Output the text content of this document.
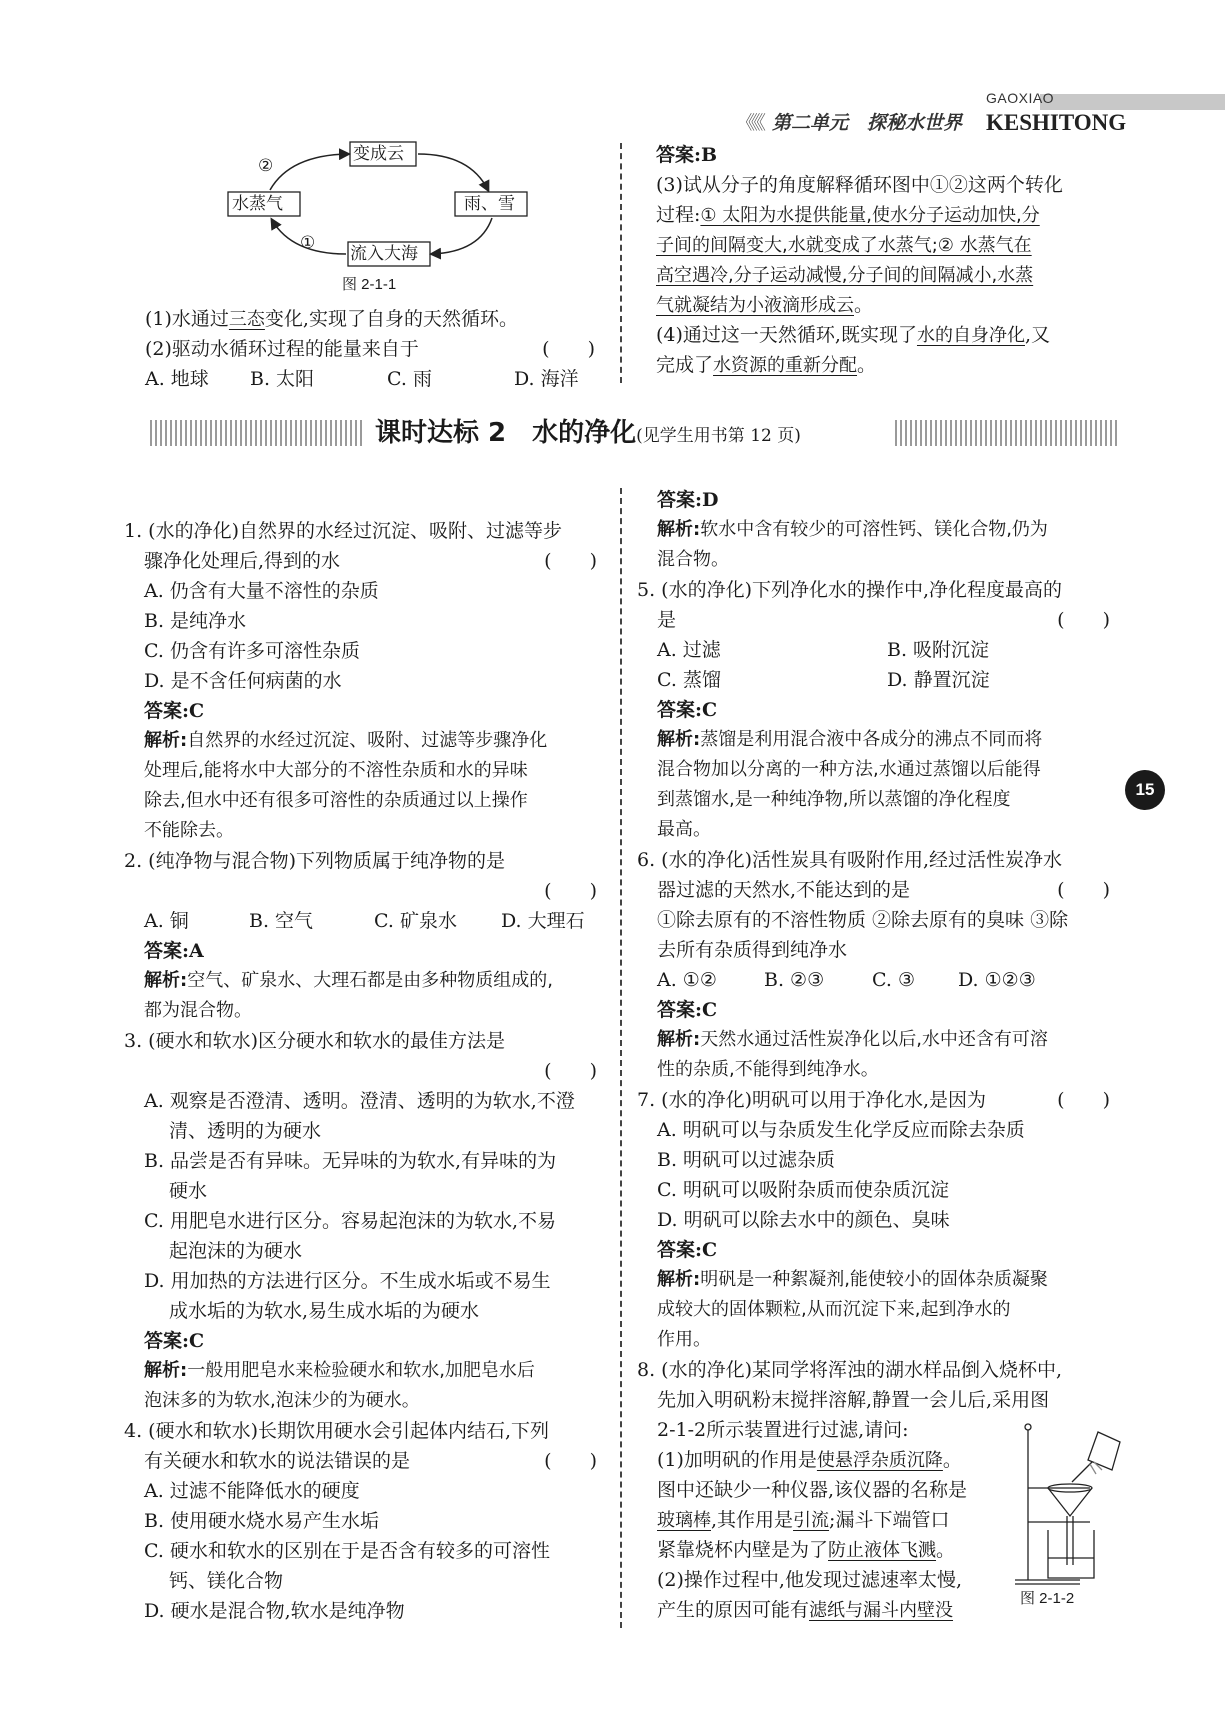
GAOXIAO
KESHITONG
《《《 第二单元　探秘水世界
变成云
水蒸气	雨、雪
流入大海
②
①
图 2-1-1
(1)水通过三态变化,实现了自身的天然循环。
(2)驱动水循环过程的能量来自于	(　　)
A. 地球	B. 太阳	C. 雨	D. 海洋
答案:B
(3)试从分子的角度解释循环图中①②这两个转化
过程:① 太阳为水提供能量,使水分子运动加快,分
子间的间隔变大,水就变成了水蒸气;② 水蒸气在
高空遇冷,分子运动减慢,分子间的间隔减小,水蒸
气就凝结为小液滴形成云。
(4)通过这一天然循环,既实现了水的自身净化,又
完成了水资源的重新分配。
课时达标 2　水的净化(见学生用书第 12 页)
1. (水的净化)自然界的水经过沉淀、吸附、过滤等步
骤净化处理后,得到的水	(　　)
A. 仍含有大量不溶性的杂质
B. 是纯净水
C. 仍含有许多可溶性杂质
D. 是不含任何病菌的水
答案:C
解析:自然界的水经过沉淀、吸附、过滤等步骤净化
处理后,能将水中大部分的不溶性杂质和水的异味
除去,但水中还有很多可溶性的杂质通过以上操作
不能除去。
2. (纯净物与混合物)下列物质属于纯净物的是
(　　)
A. 铜	B. 空气	C. 矿泉水	D. 大理石
答案:A
解析:空气、矿泉水、大理石都是由多种物质组成的,
都为混合物。
3. (硬水和软水)区分硬水和软水的最佳方法是
(　　)
A. 观察是否澄清、透明。澄清、透明的为软水,不澄
清、透明的为硬水
B. 品尝是否有异味。无异味的为软水,有异味的为
硬水
C. 用肥皂水进行区分。容易起泡沫的为软水,不易
起泡沫的为硬水
D. 用加热的方法进行区分。不生成水垢或不易生
成水垢的为软水,易生成水垢的为硬水
答案:C
解析:一般用肥皂水来检验硬水和软水,加肥皂水后
泡沫多的为软水,泡沫少的为硬水。
4. (硬水和软水)长期饮用硬水会引起体内结石,下列
有关硬水和软水的说法错误的是	(　　)
A. 过滤不能降低水的硬度
B. 使用硬水烧水易产生水垢
C. 硬水和软水的区别在于是否含有较多的可溶性
钙、镁化合物
D. 硬水是混合物,软水是纯净物
答案:D
解析:软水中含有较少的可溶性钙、镁化合物,仍为
混合物。
5. (水的净化)下列净化水的操作中,净化程度最高的
是	(　　)
A. 过滤	B. 吸附沉淀
C. 蒸馏	D. 静置沉淀
答案:C
解析:蒸馏是利用混合液中各成分的沸点不同而将
混合物加以分离的一种方法,水通过蒸馏以后能得
到蒸馏水,是一种纯净物,所以蒸馏的净化程度
最高。
6. (水的净化)活性炭具有吸附作用,经过活性炭净水
器过滤的天然水,不能达到的是	(　　)
①除去原有的不溶性物质 ②除去原有的臭味 ③除
去所有杂质得到纯净水
A. ①②	B. ②③	C. ③	D. ①②③
答案:C
解析:天然水通过活性炭净化以后,水中还含有可溶
性的杂质,不能得到纯净水。
7. (水的净化)明矾可以用于净化水,是因为	(　　)
A. 明矾可以与杂质发生化学反应而除去杂质
B. 明矾可以过滤杂质
C. 明矾可以吸附杂质而使杂质沉淀
D. 明矾可以除去水中的颜色、臭味
答案:C
解析:明矾是一种絮凝剂,能使较小的固体杂质凝聚
成较大的固体颗粒,从而沉淀下来,起到净水的
作用。
8. (水的净化)某同学将浑浊的湖水样品倒入烧杯中,
先加入明矾粉末搅拌溶解,静置一会儿后,采用图
2-1-2所示装置进行过滤,请问:
(1)加明矾的作用是使悬浮杂质沉降。
图中还缺少一种仪器,该仪器的名称是
玻璃棒,其作用是引流;漏斗下端管口
紧靠烧杯内壁是为了防止液体飞溅。
(2)操作过程中,他发现过滤速率太慢,
产生的原因可能有滤纸与漏斗内壁没
图 2-1-2
15
